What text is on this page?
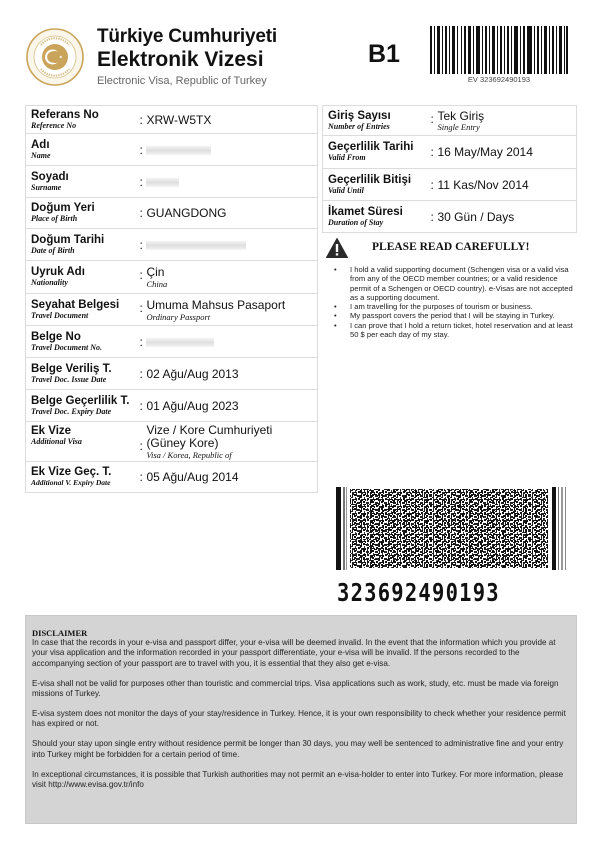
Türkiye Cumhuriyeti
Elektronik Vizesi
Electronic Visa, Republic of Turkey
B1
EV 323692490193
Referans No
Reference No	: XRW-W5TX

Adı
Name	:

Soyadı
Surname	:

Doğum Yeri
Place of Birth	: GUANGDONG

Doğum Tarihi
Date of Birth	:

Uyruk Adı
Nationality	: Çin
China

Seyahat Belgesi
Travel Document	: Umuma Mahsus Pasaport
Ordinary Passport

Belge No
Travel Document No.	:

Belge Veriliş T.
Travel Doc. Issue Date	: 02 Ağu/Aug 2013

Belge Geçerlilik T.
Travel Doc. Expiry Date	: 01 Ağu/Aug 2023

Ek Vize
Additional Visa	:
Vize / Kore Cumhuriyeti (Güney Kore)
Visa / Korea, Republic of

Ek Vize Geç. T.
Additional V. Expiry Date	: 05 Ağu/Aug 2014
Giriş Sayısı
Number of Entries	: Tek Giriş
Single Entry

Geçerlilik Tarihi
Valid From	: 16 May/May 2014

Geçerlilik Bitişi
Valid Until	: 11 Kas/Nov 2014

İkamet Süresi
Duration of Stay	: 30 Gün / Days
PLEASE READ CAREFULLY!
• I hold a valid supporting document (Schengen visa or a valid visa from any of the OECD member countries; or a valid residence permit of a Schengen or OECD country). e-Visas are not accepted as a supporting document.
• I am travelling for the purposes of tourism or business.
• My passport covers the period that I will be staying in Turkey.
• I can prove that I hold a return ticket, hotel reservation and at least 50 $ per each day of my stay.
323692490193
DISCLAIMER

In case that the records in your e-visa and passport differ, your e-visa will be deemed invalid. In the event that the information which you provide at your visa application and the information recorded in your passport differentiate, your e-visa will be invalid. If the persons recorded to the accompanying section of your passport are to travel with you, it is essential that they also get e-visa.

E-visa shall not be valid for purposes other than touristic and commercial trips. Visa applications such as work, study, etc. must be made via foreign missions of Turkey.

E-visa system does not monitor the days of your stay/residence in Turkey. Hence, it is your own responsibility to check whether your residence permit has expired or not.

Should your stay upon single entry without residence permit be longer than 30 days, you may well be sentenced to administrative fine and your entry into Turkey might be forbidden for a certain period of time.

In exceptional circumstances, it is possible that Turkish authorities may not permit an e-visa-holder to enter into Turkey. For more information, please visit http://www.evisa.gov.tr/info
